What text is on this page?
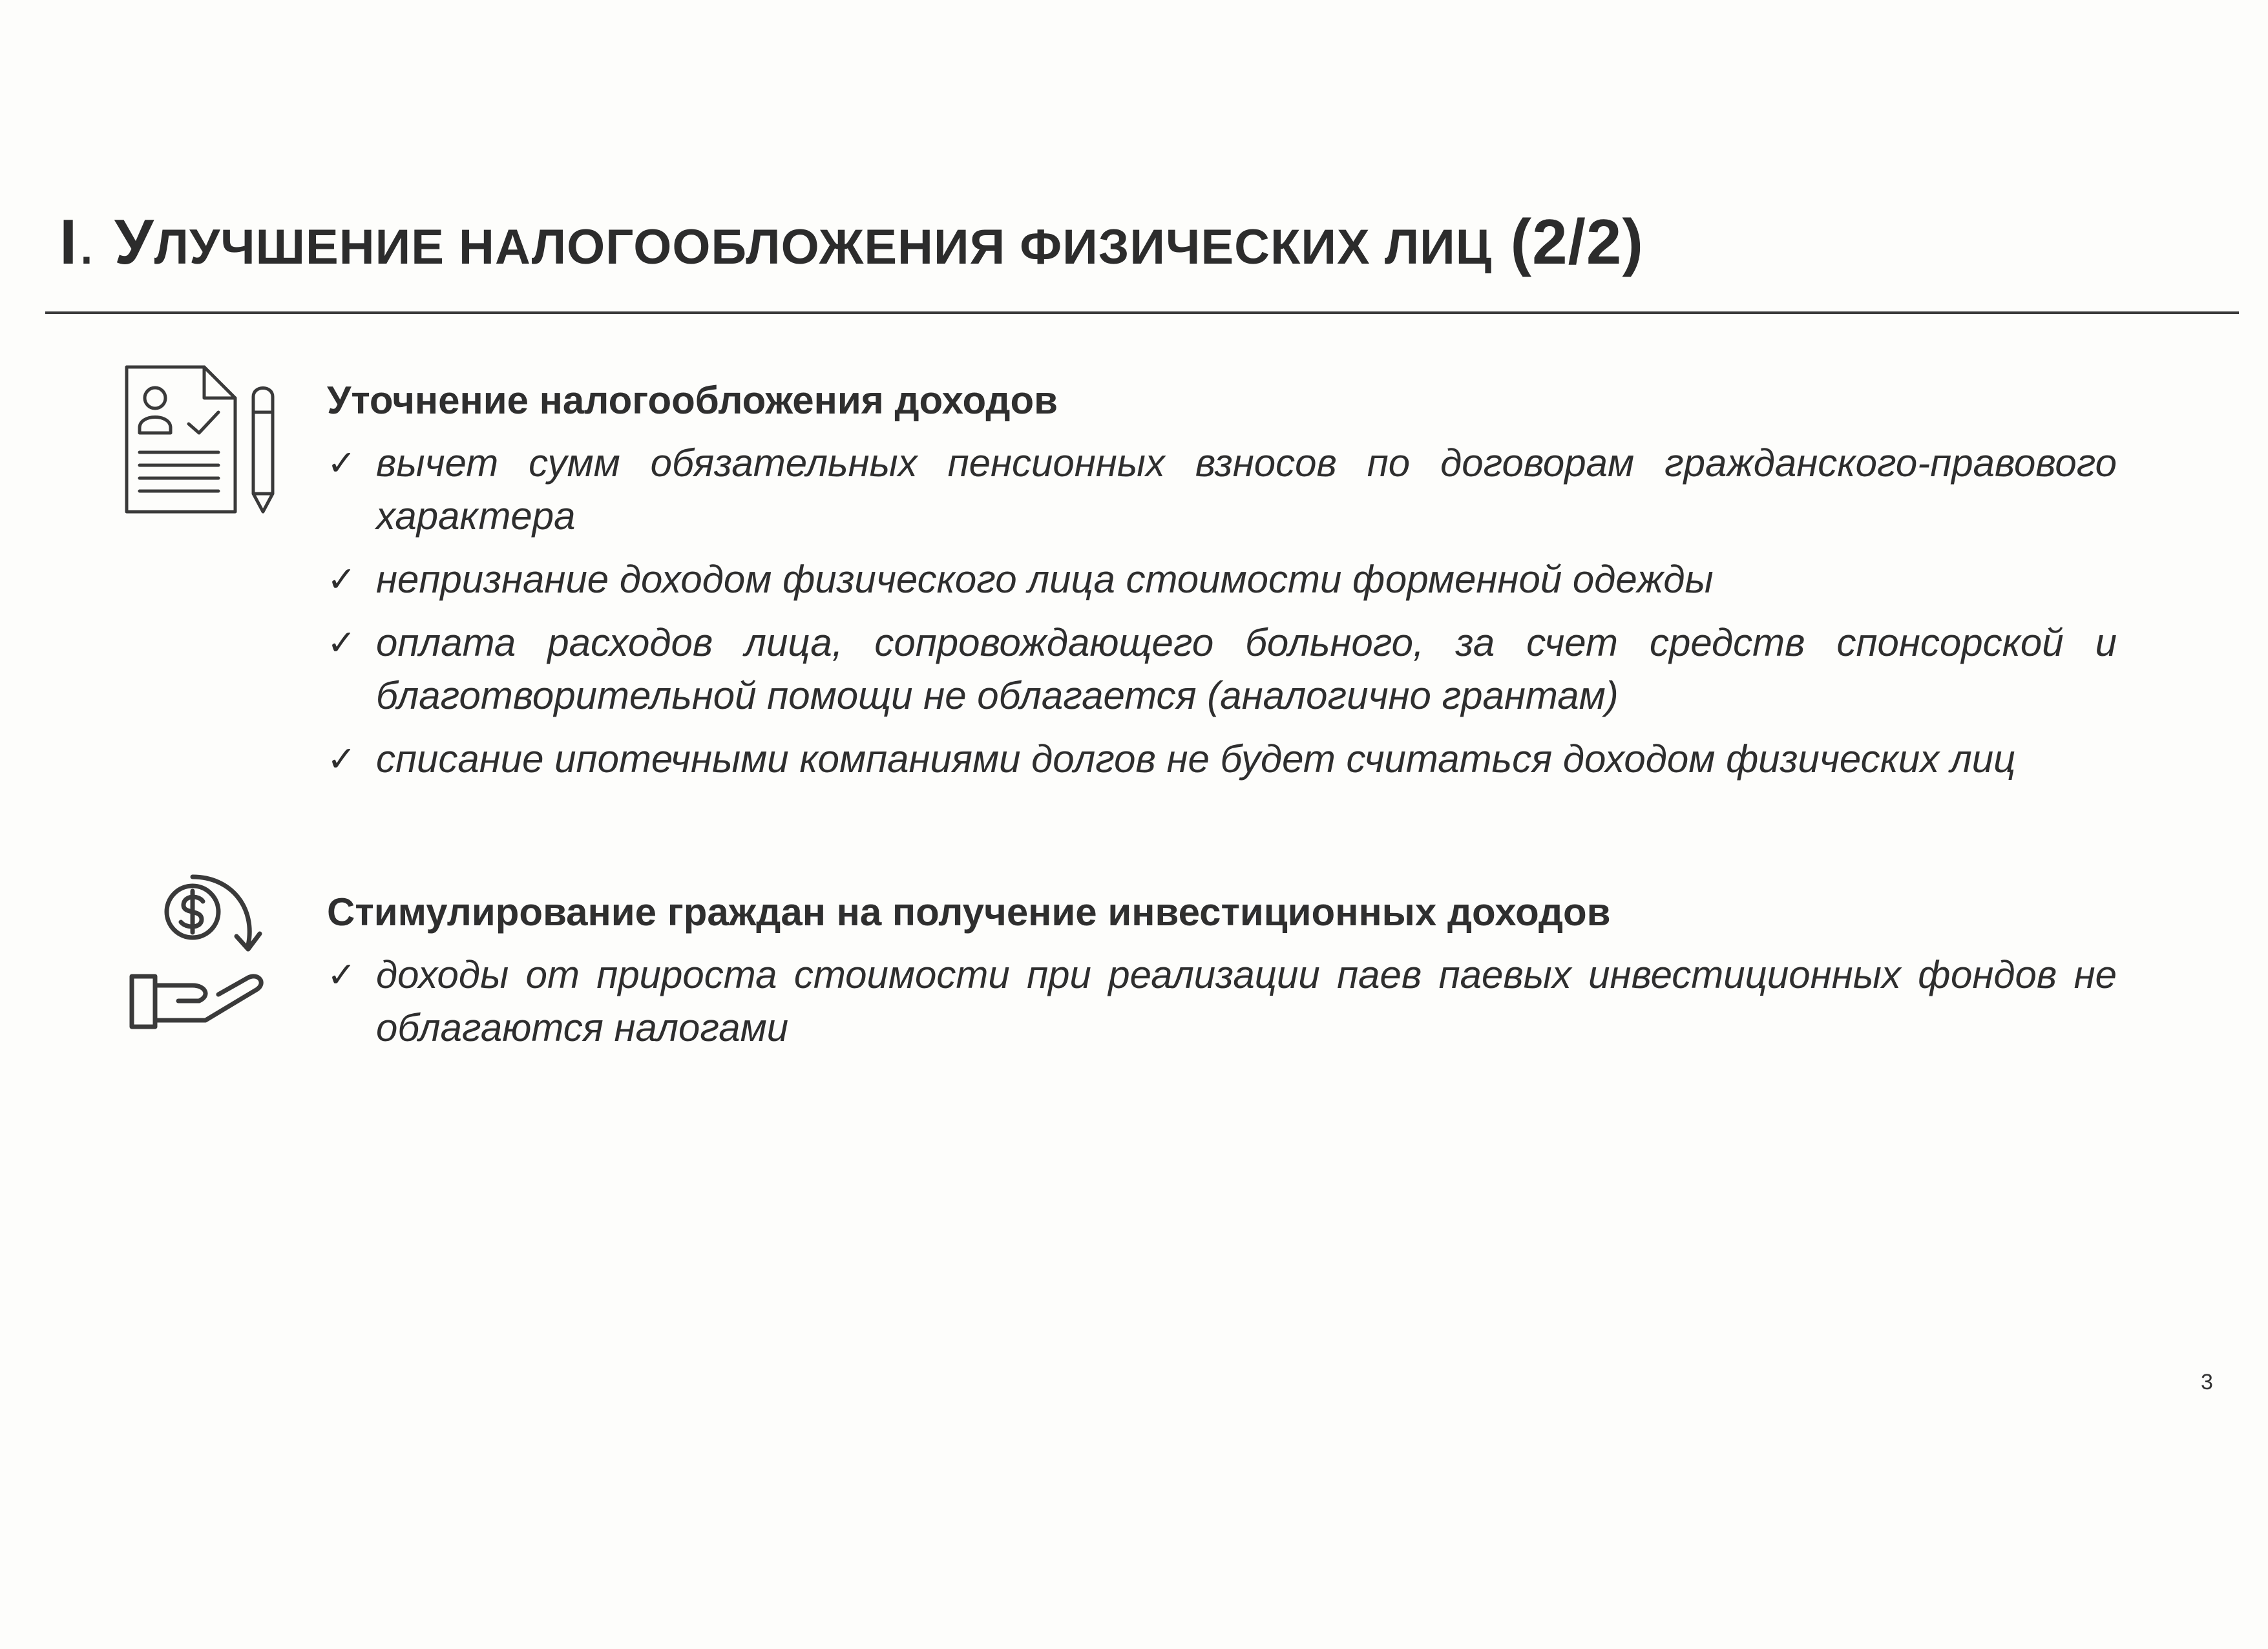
I. УЛУЧШЕНИЕ НАЛОГООБЛОЖЕНИЯ ФИЗИЧЕСКИХ ЛИЦ (2/2)
Уточнение налогообложения доходов
✓ вычет сумм обязательных пенсионных взносов по договорам гражданского-правового характера
✓ непризнание доходом физического лица стоимости форменной одежды
✓ оплата расходов лица, сопровождающего больного, за счет средств спонсорской и благотворительной помощи не облагается (аналогично грантам)
✓ списание ипотечными компаниями долгов не будет считаться доходом физических лиц
Стимулирование граждан на получение инвестиционных доходов
✓ доходы от прироста стоимости при реализации паев паевых инвестиционных фондов не облагаются налогами
3
